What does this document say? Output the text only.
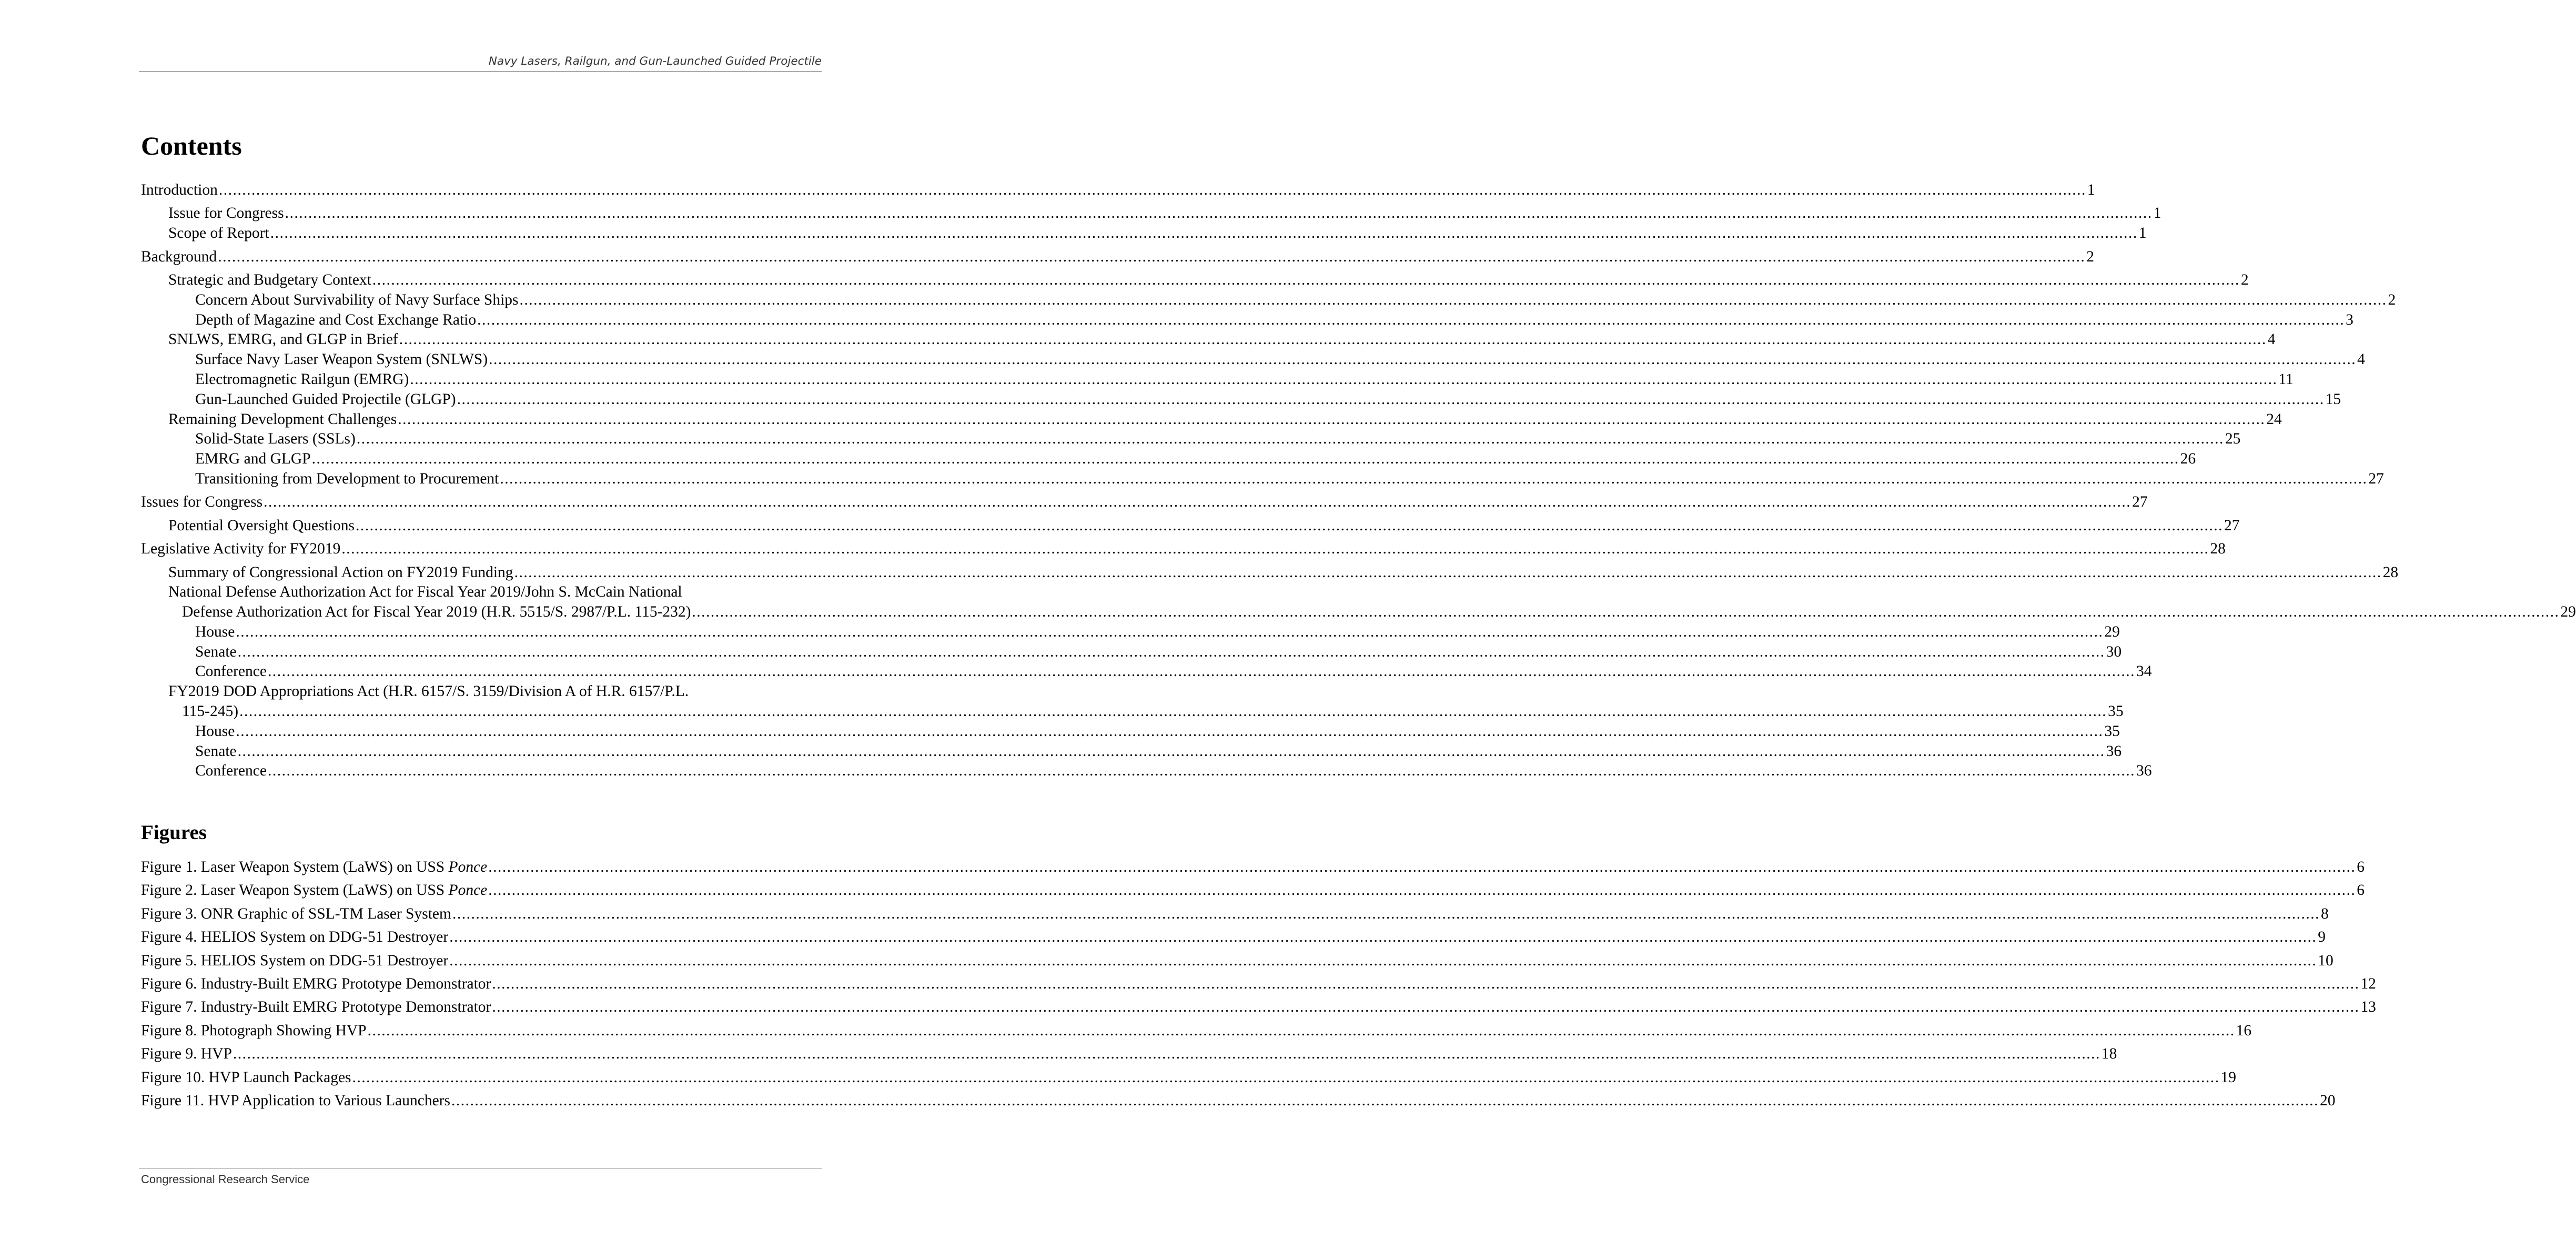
Navy Lasers, Railgun, and Gun-Launched Guided Projectile
Contents
Introduction ................................................................................................................................................................................................................................................................................................................................................................................................................ 1
Issue for Congress ................................................................................................................................................................................................................................................................................................................................................................................................................ 1
Scope of Report ................................................................................................................................................................................................................................................................................................................................................................................................................ 1
Background ................................................................................................................................................................................................................................................................................................................................................................................................................ 2
Strategic and Budgetary Context ................................................................................................................................................................................................................................................................................................................................................................................................................ 2
Concern About Survivability of Navy Surface Ships ................................................................................................................................................................................................................................................................................................................................................................................................................ 2
Depth of Magazine and Cost Exchange Ratio ................................................................................................................................................................................................................................................................................................................................................................................................................ 3
SNLWS, EMRG, and GLGP in Brief ................................................................................................................................................................................................................................................................................................................................................................................................................ 4
Surface Navy Laser Weapon System (SNLWS) ................................................................................................................................................................................................................................................................................................................................................................................................................ 4
Electromagnetic Railgun (EMRG) ................................................................................................................................................................................................................................................................................................................................................................................................................ 11
Gun-Launched Guided Projectile (GLGP) ................................................................................................................................................................................................................................................................................................................................................................................................................ 15
Remaining Development Challenges ................................................................................................................................................................................................................................................................................................................................................................................................................ 24
Solid-State Lasers (SSLs) ................................................................................................................................................................................................................................................................................................................................................................................................................ 25
EMRG and GLGP ................................................................................................................................................................................................................................................................................................................................................................................................................ 26
Transitioning from Development to Procurement ................................................................................................................................................................................................................................................................................................................................................................................................................ 27
Issues for Congress ................................................................................................................................................................................................................................................................................................................................................................................................................ 27
Potential Oversight Questions ................................................................................................................................................................................................................................................................................................................................................................................................................ 27
Legislative Activity for FY2019 ................................................................................................................................................................................................................................................................................................................................................................................................................ 28
Summary of Congressional Action on FY2019 Funding ................................................................................................................................................................................................................................................................................................................................................................................................................ 28
National Defense Authorization Act for Fiscal Year 2019/John S. McCain National
Defense Authorization Act for Fiscal Year 2019 (H.R. 5515/S. 2987/P.L. 115-232) ................................................................................................................................................................................................................................................................................................................................................................................................................ 29
House ................................................................................................................................................................................................................................................................................................................................................................................................................ 29
Senate ................................................................................................................................................................................................................................................................................................................................................................................................................ 30
Conference ................................................................................................................................................................................................................................................................................................................................................................................................................ 34
FY2019 DOD Appropriations Act (H.R. 6157/S. 3159/Division A of H.R. 6157/P.L.
115-245) ................................................................................................................................................................................................................................................................................................................................................................................................................ 35
House ................................................................................................................................................................................................................................................................................................................................................................................................................ 35
Senate ................................................................................................................................................................................................................................................................................................................................................................................................................ 36
Conference ................................................................................................................................................................................................................................................................................................................................................................................................................ 36
Figures
Figure 1. Laser Weapon System (LaWS) on USS Ponce ................................................................................................................................................................................................................................................................................................................................................................................................................ 6
Figure 2. Laser Weapon System (LaWS) on USS Ponce ................................................................................................................................................................................................................................................................................................................................................................................................................ 6
Figure 3. ONR Graphic of SSL-TM Laser System ................................................................................................................................................................................................................................................................................................................................................................................................................ 8
Figure 4. HELIOS System on DDG-51 Destroyer ................................................................................................................................................................................................................................................................................................................................................................................................................ 9
Figure 5. HELIOS System on DDG-51 Destroyer ................................................................................................................................................................................................................................................................................................................................................................................................................ 10
Figure 6. Industry-Built EMRG Prototype Demonstrator ................................................................................................................................................................................................................................................................................................................................................................................................................ 12
Figure 7. Industry-Built EMRG Prototype Demonstrator ................................................................................................................................................................................................................................................................................................................................................................................................................ 13
Figure 8. Photograph Showing HVP ................................................................................................................................................................................................................................................................................................................................................................................................................ 16
Figure 9. HVP ................................................................................................................................................................................................................................................................................................................................................................................................................ 18
Figure 10. HVP Launch Packages ................................................................................................................................................................................................................................................................................................................................................................................................................ 19
Figure 11. HVP Application to Various Launchers ................................................................................................................................................................................................................................................................................................................................................................................................................ 20
Congressional Research Service
